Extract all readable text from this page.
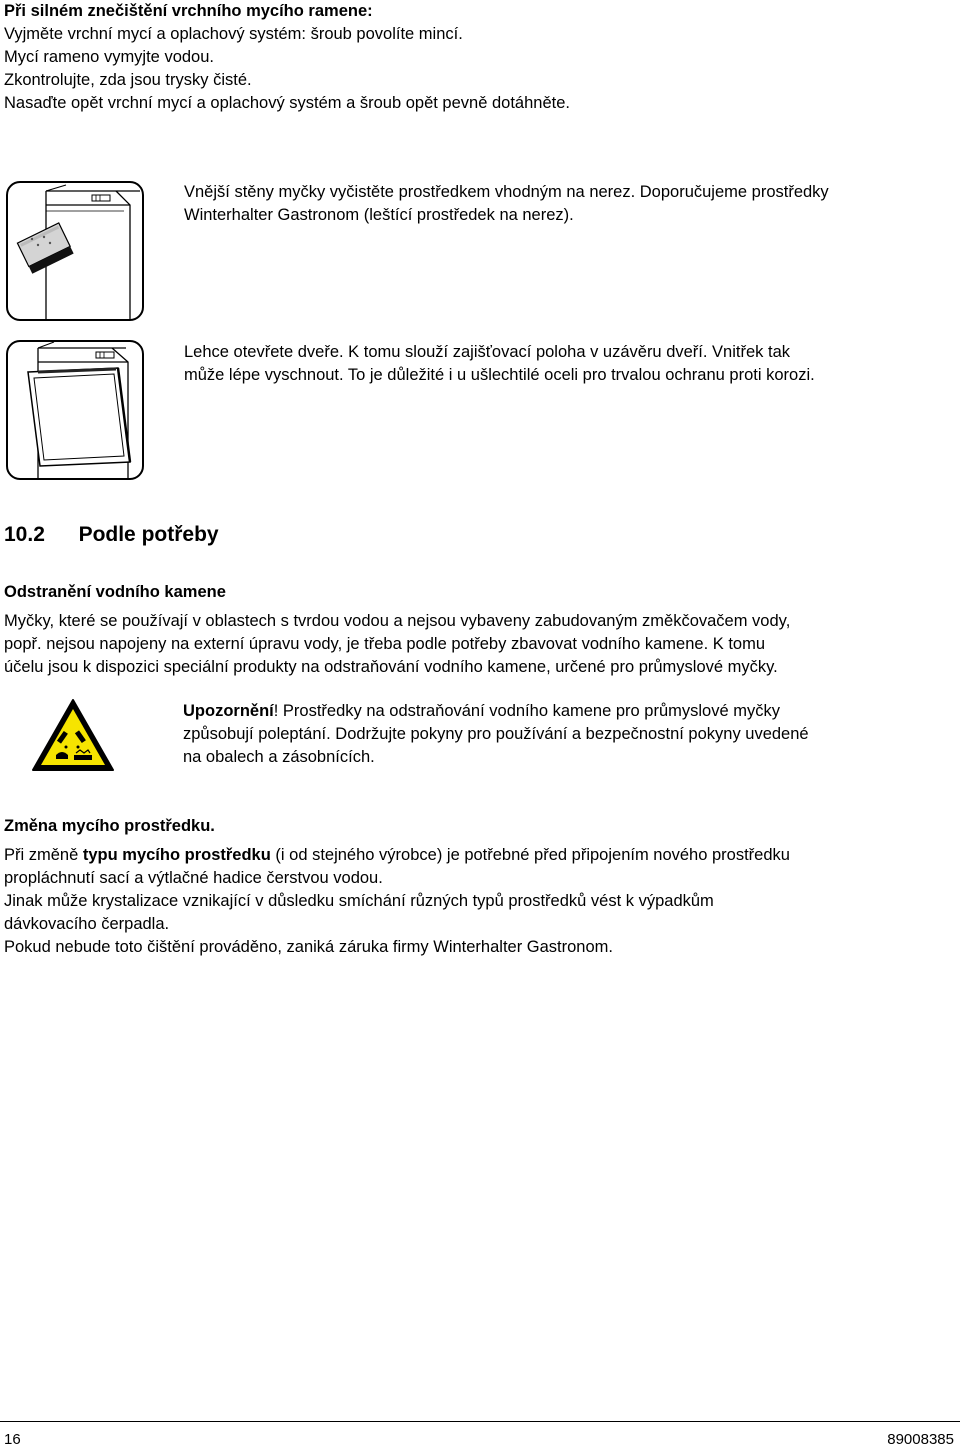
Při silném znečištění vrchního mycího ramene:
Vyjměte vrchní mycí a oplachový systém: šroub povolíte mincí.
Mycí rameno vymyjte vodou.
Zkontrolujte, zda jsou trysky čisté.
Nasaďte opět vrchní mycí a oplachový systém a šroub opět pevně dotáhněte.
Vnější stěny myčky vyčistěte prostředkem vhodným na nerez. Doporučujeme prostředky
Winterhalter Gastronom (leštící prostředek na nerez).
Lehce otevřete dveře. K tomu slouží zajišťovací poloha v uzávěru dveří. Vnitřek tak
může lépe vyschnout. To je důležité i u ušlechtilé oceli pro trvalou ochranu proti korozi.
10.2 Podle potřeby
Odstranění vodního kamene
Myčky, které se používají v oblastech s tvrdou vodou a nejsou vybaveny zabudovaným změkčovačem vody,
popř. nejsou napojeny na externí úpravu vody, je třeba podle potřeby zbavovat vodního kamene. K tomu
účelu jsou k dispozici speciální produkty na odstraňování vodního kamene, určené pro průmyslové myčky.
Upozornění! Prostředky na odstraňování vodního kamene pro průmyslové myčky
způsobují poleptání. Dodržujte pokyny pro používání a bezpečnostní pokyny uvedené
na obalech a zásobnících.
Změna mycího prostředku.
Při změně typu mycího prostředku (i od stejného výrobce) je potřebné před připojením nového prostředku
propláchnutí sací a výtlačné hadice čerstvou vodou.
Jinak může krystalizace vznikající v důsledku smíchání různých typů prostředků vést k výpadkům
dávkovacího čerpadla.
Pokud nebude toto čištění prováděno, zaniká záruka firmy Winterhalter Gastronom.
16	89008385
